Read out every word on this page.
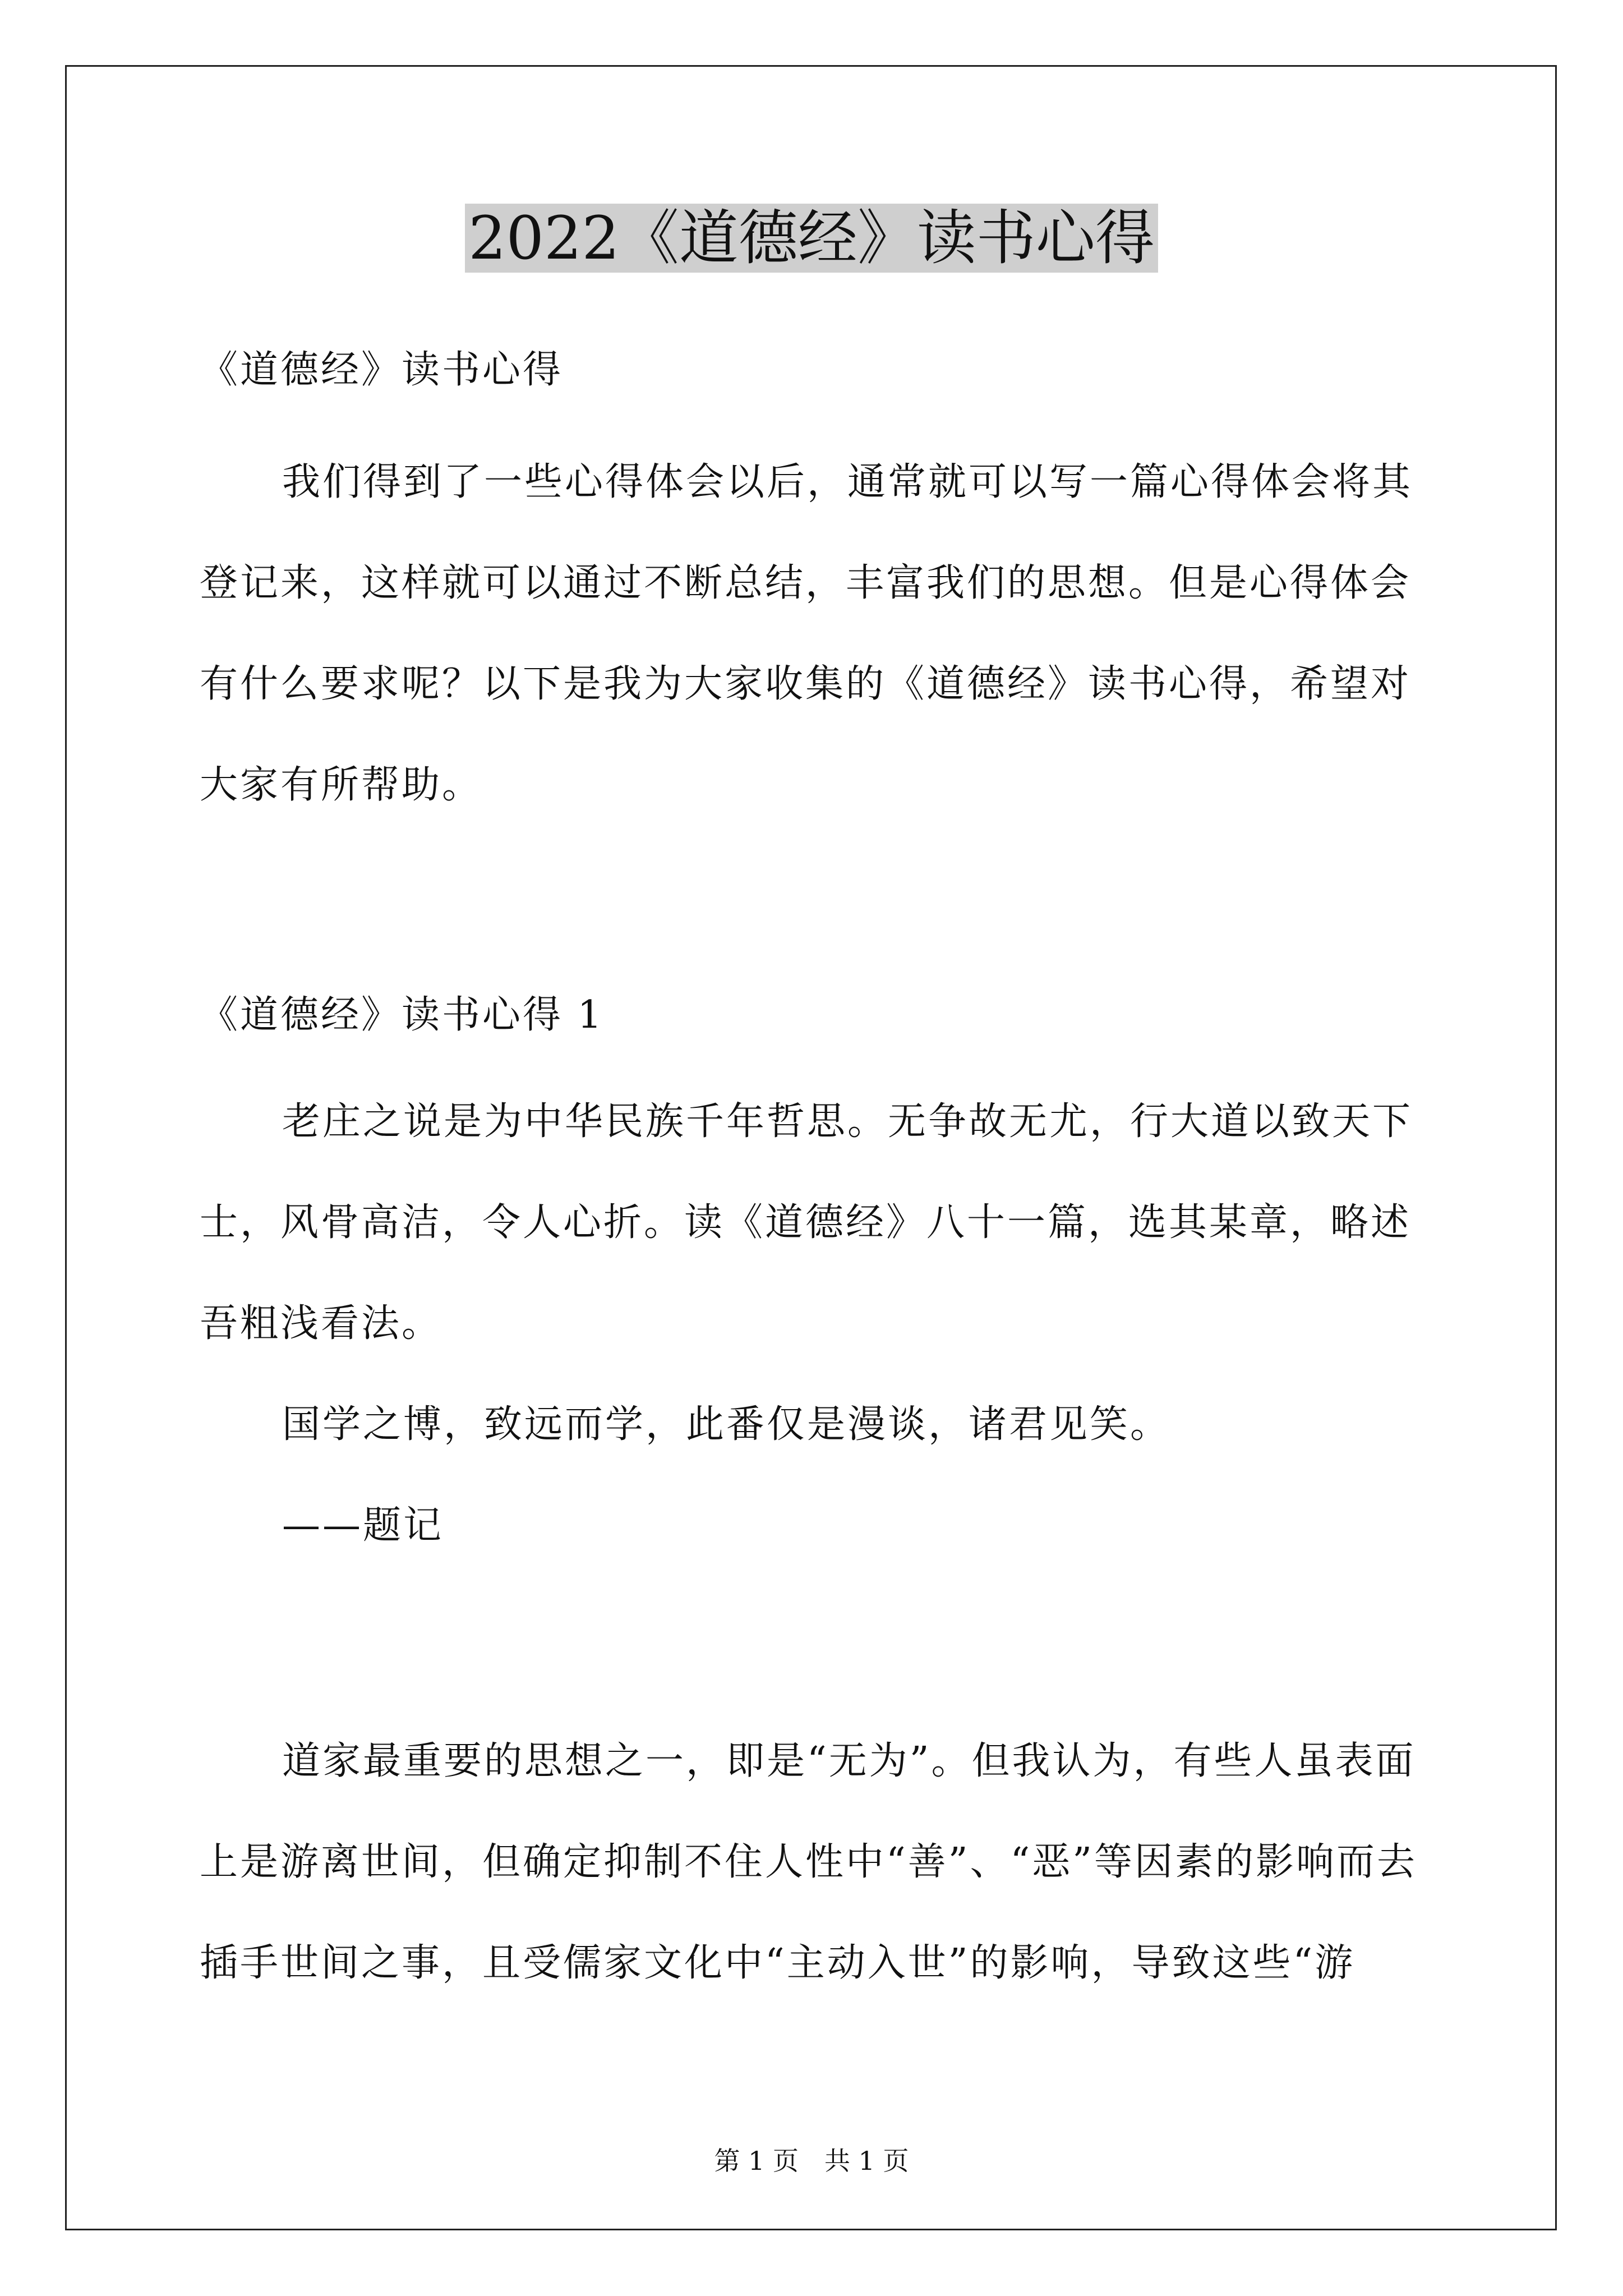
2022《道德经》读书心得

《道德经》读书心得

我们得到了一些心得体会以后，通常就可以写一篇心得体会将其登记来，这样就可以通过不断总结，丰富我们的思想。但是心得体会有什么要求呢？以下是我为大家收集的《道德经》读书心得，希望对大家有所帮助。

《道德经》读书心得 1

老庄之说是为中华民族千年哲思。无争故无尤，行大道以致天下士，风骨高洁，令人心折。读《道德经》八十一篇，选其某章，略述吾粗浅看法。

国学之博，致远而学，此番仅是漫谈，诸君见笑。

——题记

道家最重要的思想之一，即是“无为”。但我认为，有些人虽表面上是游离世间，但确定抑制不住人性中“善”、“恶”等因素的影响而去插手世间之事，且受儒家文化中“主动入世”的影响，导致这些“游

第 1 页　共 1 页
